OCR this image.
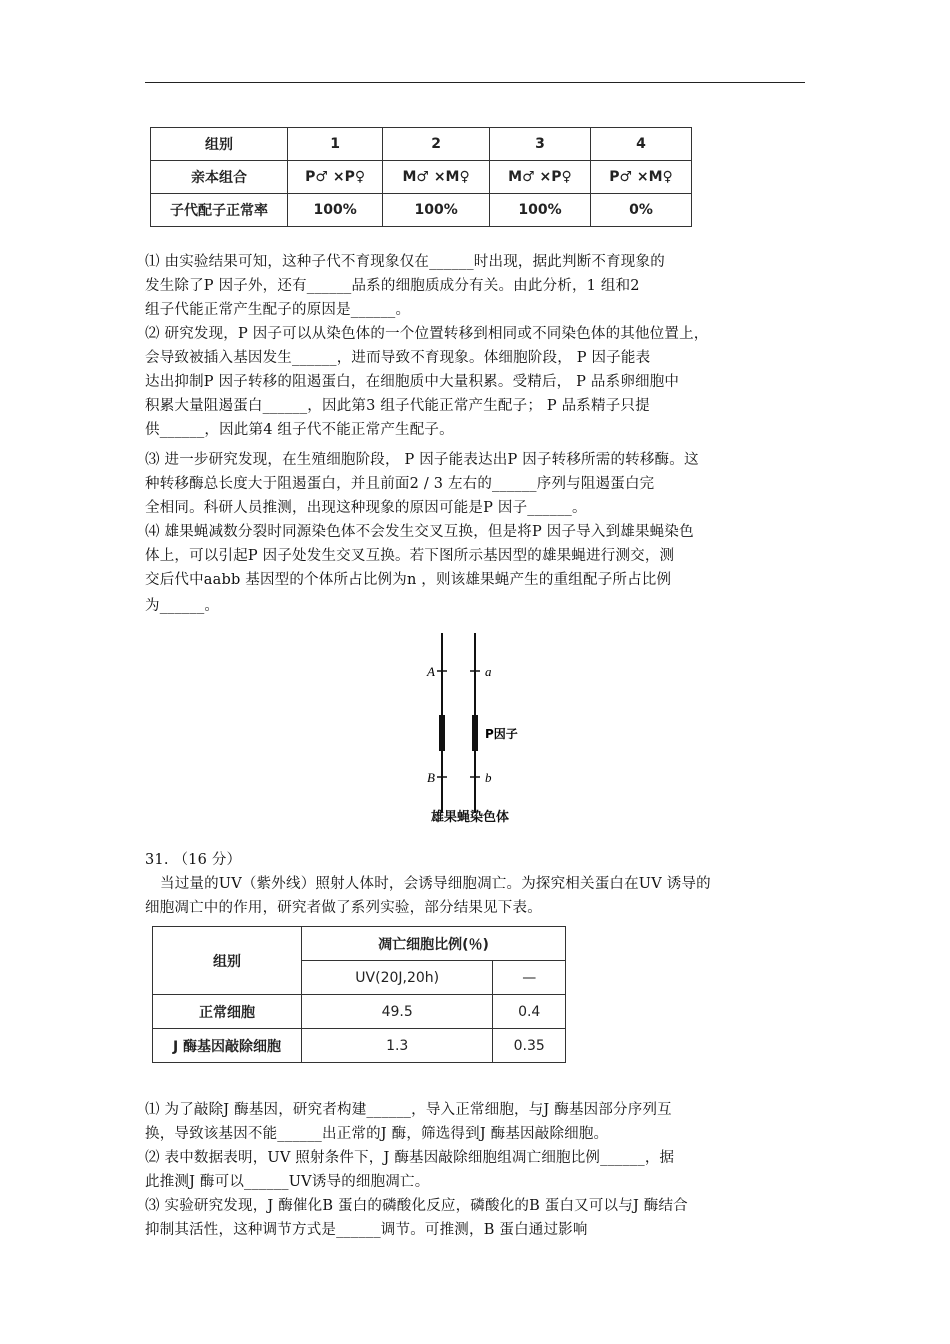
组别	1	2	3	4
亲本组合	P♂ ×P♀	M♂ ×M♀	M♂ ×P♀	P♂ ×M♀
子代配子正常率	100%	100%	100%	0%
⑴ 由实验结果可知，这种子代不育现象仅在______时出现，据此判断不育现象的
发生除了P 因子外，还有______品系的细胞质成分有关。由此分析，1 组和2
组子代能正常产生配子的原因是______。
⑵ 研究发现，P 因子可以从染色体的一个位置转移到相同或不同染色体的其他位置上，
会导致被插入基因发生______，进而导致不育现象。体细胞阶段， P 因子能表
达出抑制P 因子转移的阻遏蛋白，在细胞质中大量积累。受精后， P 品系卵细胞中
积累大量阻遏蛋白______，因此第3 组子代能正常产生配子； P 品系精子只提
供______，因此第4 组子代不能正常产生配子。
⑶ 进一步研究发现，在生殖细胞阶段， P 因子能表达出P 因子转移所需的转移酶。这
种转移酶总长度大于阻遏蛋白，并且前面2 / 3 左右的______序列与阻遏蛋白完
全相同。科研人员推测，出现这种现象的原因可能是P 因子______。
⑷ 雄果蝇减数分裂时同源染色体不会发生交叉互换，但是将P 因子导入到雄果蝇染色
体上，可以引起P 因子处发生交叉互换。若下图所示基因型的雄果蝇进行测交，测
交后代中aabb 基因型的个体所占比例为n ，则该雄果蝇产生的重组配子所占比例
为______。
A	a
B	b
P因子
雄果蝇染色体
31. （16 分）
当过量的UV（紫外线）照射人体时，会诱导细胞凋亡。为探究相关蛋白在UV 诱导的
细胞凋亡中的作用，研究者做了系列实验，部分结果见下表。
组别	凋亡细胞比例(％)	
	UV(20J,20h)	—
正常细胞	49.5	0.4
J 酶基因敲除细胞	1.3	0.35
⑴ 为了敲除J 酶基因，研究者构建______，导入正常细胞，与J 酶基因部分序列互
换，导致该基因不能______出正常的J 酶，筛选得到J 酶基因敲除细胞。
⑵ 表中数据表明，UV 照射条件下，J 酶基因敲除细胞组凋亡细胞比例______，据
此推测J 酶可以______UV诱导的细胞凋亡。
⑶ 实验研究发现，J 酶催化B 蛋白的磷酸化反应，磷酸化的B 蛋白又可以与J 酶结合
抑制其活性，这种调节方式是______调节。可推测，B 蛋白通过影响
